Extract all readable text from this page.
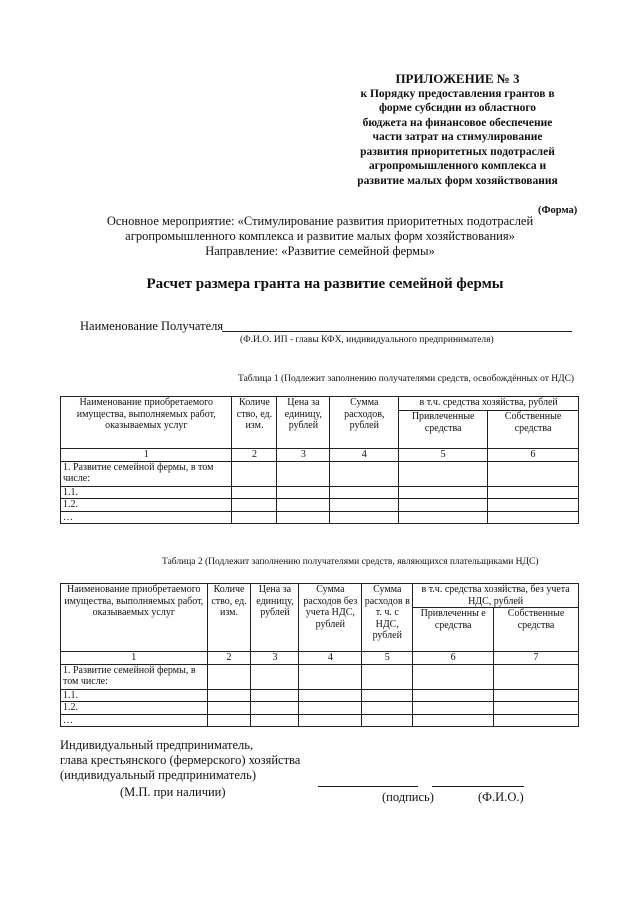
ПРИЛОЖЕНИЕ № 3
к Порядку предоставления грантов в
форме субсидии из областного
бюджета на финансовое обеспечение
части затрат на стимулирование
развития приоритетных подотраслей
агропромышленного комплекса и
развитие малых форм хозяйствования
(Форма)
Основное мероприятие: «Стимулирование развития приоритетных подотраслей
агропромышленного комплекса и развитие малых форм хозяйствования»
Направление: «Развитие семейной фермы»
Расчет размера гранта на развитие семейной фермы
Наименование Получателя
(Ф.И.О. ИП - главы КФХ, индивидуального предпринимателя)
Таблица 1 (Подлежит заполнению получателями средств, освобождённых от НДС)
Наименование приобретаемого имущества, выполняемых работ, оказываемых услуг	Количе ство, ед. изм.	Цена за единицу, рублей	Сумма расходов, рублей	в т.ч. средства хозяйства, рублей	
				Привлеченные средства	Собственные средства
1	2	3	4	5	6
1. Развитие семейной фермы, в том числе:					
1.1.					
1.2.					
…					
Таблица 2 (Подлежит заполнению получателями средств, являющихся плательщиками НДС)
Наименование приобретаемого имущества, выполняемых работ, оказываемых услуг	Количе ство, ед. изм.	Цена за единицу, рублей	Сумма расходов без учета НДС, рублей	Сумма расходов в т. ч. с НДС, рублей	в т.ч. средства хозяйства, без учета НДС, рублей	
					Привлеченны е средства	Собственные средства
1	2	3	4	5	6	7
1. Развитие семейной фермы, в том числе:						
1.1.						
1.2.						
…						
Индивидуальный предприниматель,
глава крестьянского (фермерского) хозяйства
(индивидуальный предприниматель)
(М.П. при наличии)	(подпись)	(Ф.И.О.)
